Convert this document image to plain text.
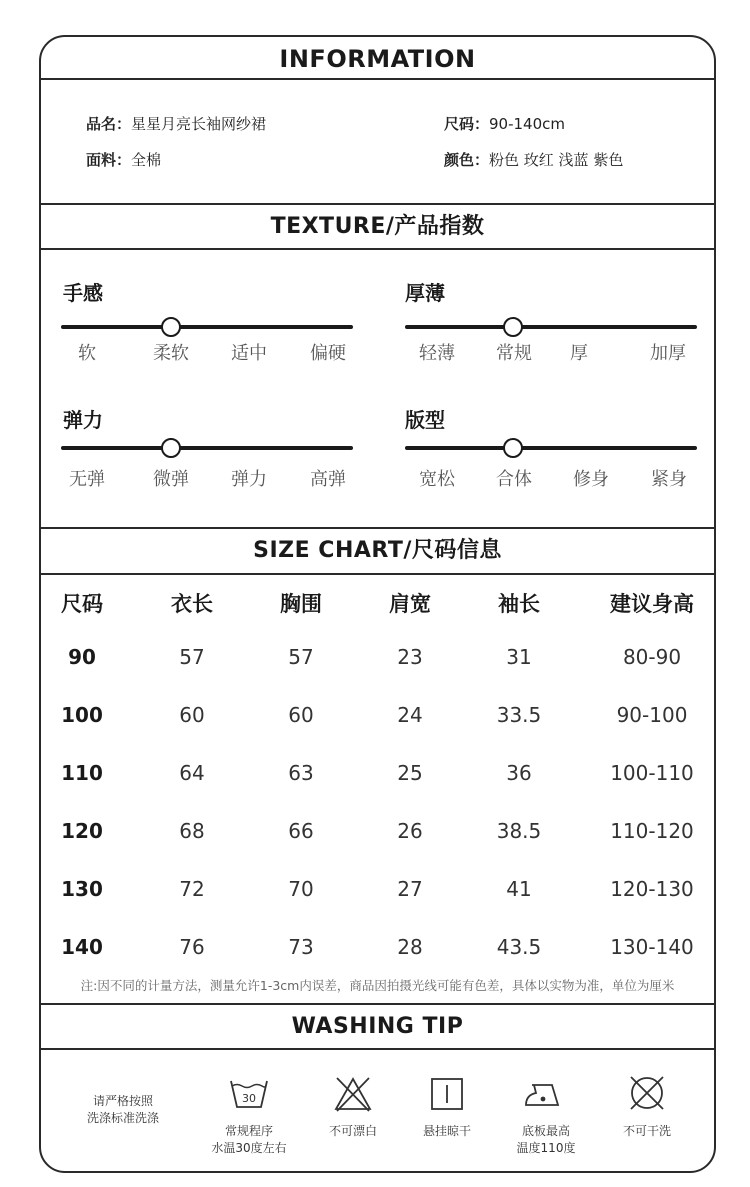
INFORMATION
品名：星星月亮长袖网纱裙	尺码：90-140cm
面料：全棉	颜色：粉色 玫红 浅蓝 紫色
TEXTURE/产品指数
手感
软	柔软 适中 偏硬
厚薄
轻薄 常规 厚	加厚
弹力
无弹	微弹 弹力 高弹
版型
宽松 合体 修身 紧身
SIZE CHART/尺码信息
尺码	衣长	胸围	肩宽	袖长	建议身高
90	57	57	23	31	80-90
100	60	60	24	33.5	90-100
110	64	63	25	36	100-110
120	68	66	26	38.5	110-120
130	72	70	27	41	120-130
140	76	73	28	43.5	130-140
注:因不同的计量方法，测量允许1-3cm内误差，商品因拍摄光线可能有色差，具体以实物为准，单位为厘米
WASHING TIP
请严格按照
洗涤标准洗涤
30
常规程序
水温30度左右
不可漂白	悬挂晾干	底板最高
温度110度
不可干洗
